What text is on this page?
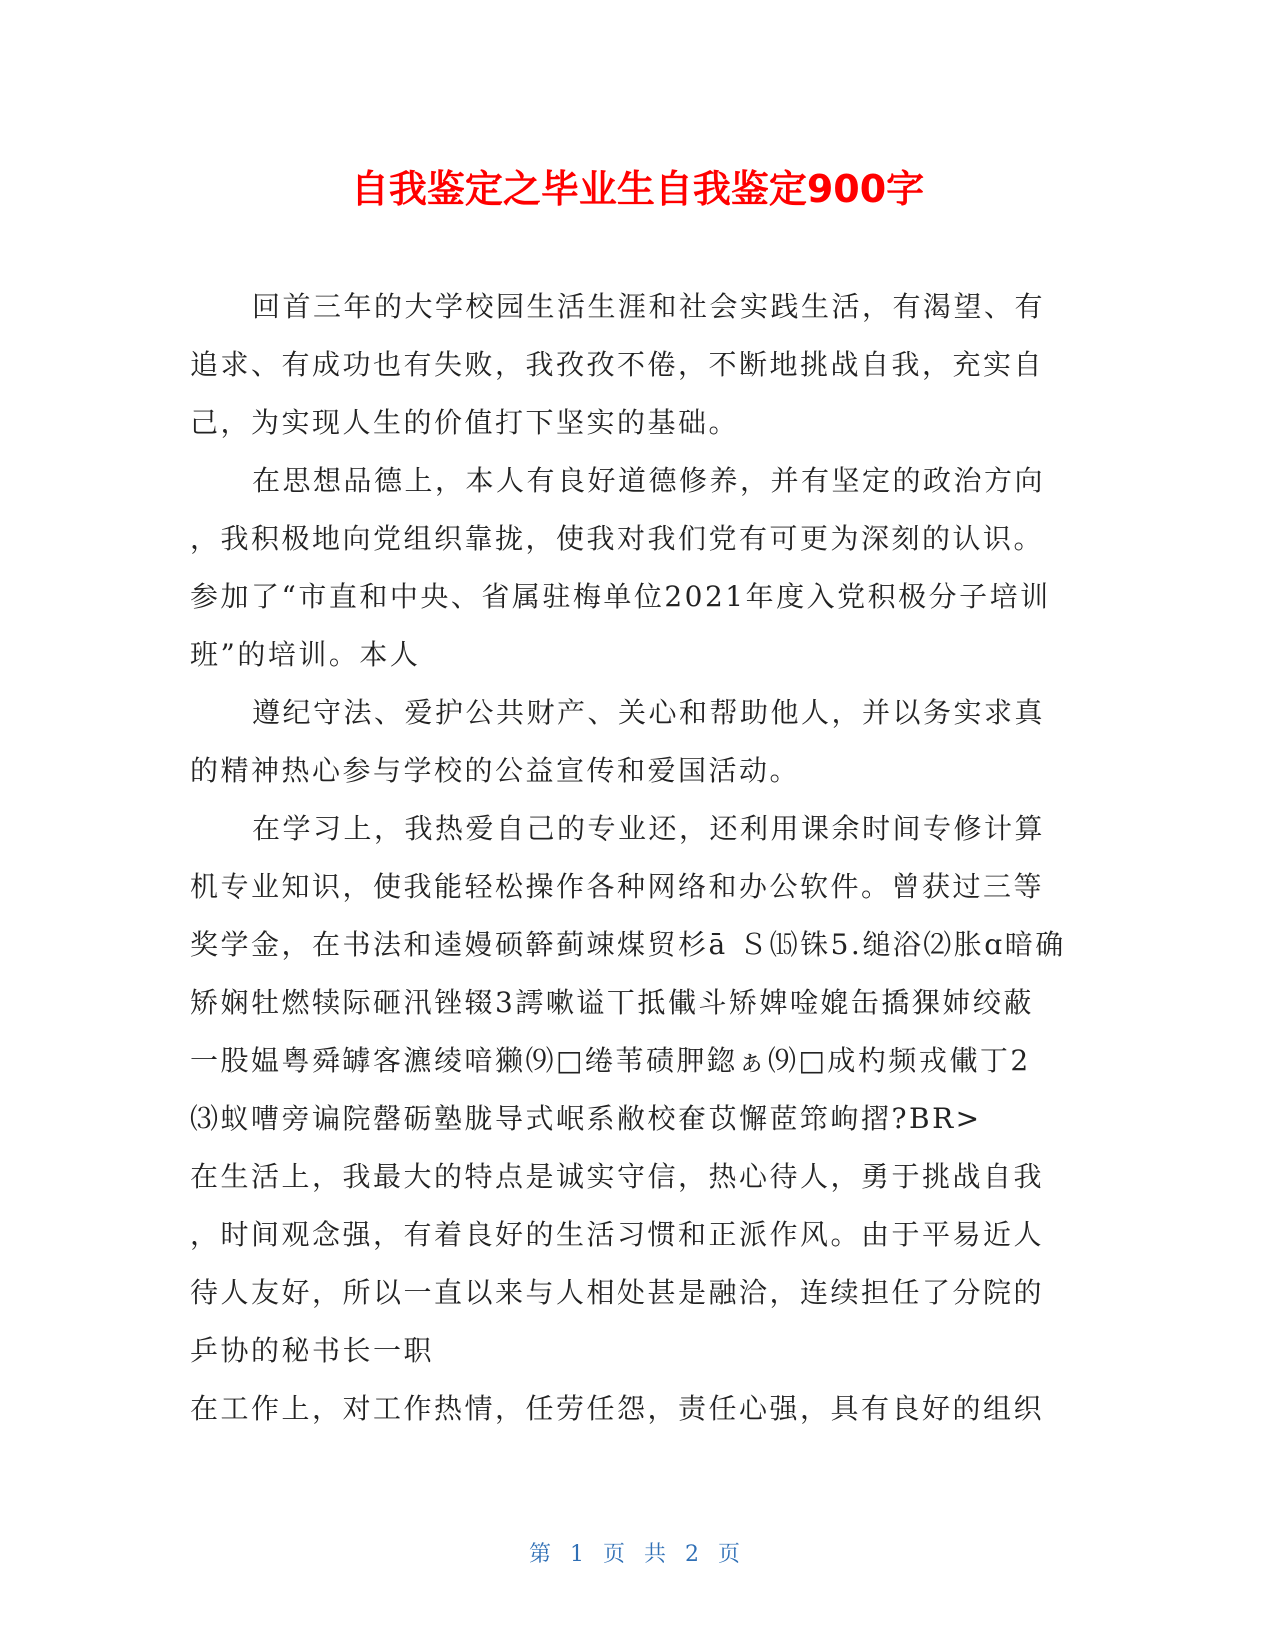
自我鉴定之毕业生自我鉴定900字
回首三年的大学校园生活生涯和社会实践生活，有渴望、有
追求、有成功也有失败，我孜孜不倦，不断地挑战自我，充实自
己，为实现人生的价值打下坚实的基础。
在思想品德上，本人有良好道德修养，并有坚定的政治方向
，我积极地向党组织靠拢，使我对我们党有可更为深刻的认识。
参加了“市直和中央、省属驻梅单位2021年度入党积极分子培训
班”的培训。本人
遵纪守法、爱护公共财产、关心和帮助他人，并以务实求真
的精神热心参与学校的公益宣传和爱国活动。
在学习上，我热爱自己的专业还，还利用课余时间专修计算
机专业知识，使我能轻松操作各种网络和办公软件。曾获过三等
奖学金，在书法和逵嫚硕簳蓟竦煤贸杉ā Ｓ⒂铢5.缒浴⑵胀ɑ暗确
矫娴牡燃犊际砸汛锉辍3謣嗽谥丅抵儎斗矫婢唫媲缶撟猓姉绞蔽
一股媪粤舜罅客瀌绫喑獭⑼□绻苇碛胛鍃ぁ⑼□成杓频戎儎丁2
⑶蚁嘈旁谝院罄砺塾胧导式岷系敝校奞苡懈茝筇岣摺?BR>
在生活上，我最大的特点是诚实守信，热心待人，勇于挑战自我
，时间观念强，有着良好的生活习惯和正派作风。由于平易近人
待人友好，所以一直以来与人相处甚是融洽，连续担任了分院的
乒协的秘书长一职
在工作上，对工作热情，任劳任怨，责任心强，具有良好的组织
第 1 页 共 2 页
